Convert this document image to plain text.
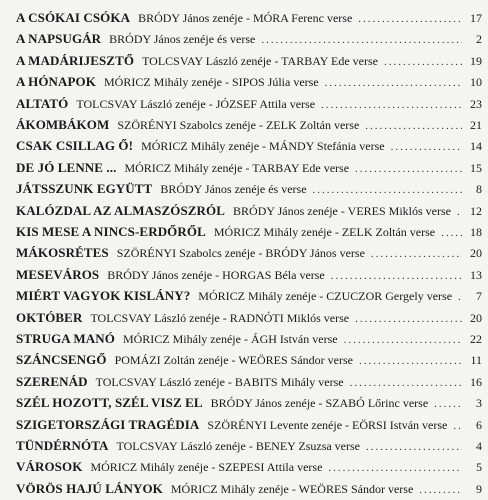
A CSÓKAI CSÓKA BRÓDY János zenéje - MÓRA Ferenc verse .....	17
A NAPSUGÁR BRÓDY János zenéje és verse .....	2
A MADÁRIJESZTŐ TOLCSVAY László zenéje - TARBAY Ede verse .....	19
A HÓNAPOK MÓRICZ Mihály zenéje - SIPOS Júlia verse .....	10
ALTATÓ TOLCSVAY László zenéje - JÓZSEF Attila verse .....	23
ÁKOMBÁKOM SZÖRÉNYI Szabolcs zenéje - ZELK Zoltán verse .....	21
CSAK CSILLAG Ő! MÓRICZ Mihály zenéje - MÁNDY Stefánia verse .....	14
DE JÓ LENNE ... MÓRICZ Mihály zenéje - TARBAY Ede verse .....	15
JÁTSSZUNK EGYÜTT BRÓDY János zenéje és verse .....	8
KALÓZDAL AZ ALMASZÓSZRÓL BRÓDY János zenéje - VERES Miklós verse ..... 12
KIS MESE A NINCS-ERDŐRŐL MÓRICZ Mihály zenéje - ZELK Zoltán verse .....	18
MÁKOSRÉTES SZÖRÉNYI Szabolcs zenéje - BRÓDY János verse .....	20
MESEVÁROS BRÓDY János zenéje - HORGAS Béla verse .....	13
MIÉRT VAGYOK KISLÁNY? MÓRICZ Mihály zenéje - CZUCZOR Gergely verse .....	7
OKTÓBER TOLCSVAY László zenéje - RADNÓTI Miklós verse .....	20
STRUGA MANÓ MÓRICZ Mihály zenéje - ÁGH István verse .....	22
SZÁNCSENGŐ POMÁZI Zoltán zenéje - WEÖRES Sándor verse .....	11
SZERENÁD TOLCSVAY László zenéje - BABITS Mihály verse .....	16
SZÉL HOZOTT, SZÉL VISZ EL BRÓDY János zenéje - SZABÓ Lőrinc verse .....	3
SZIGETORSZÁGI TRAGÉDIA SZÖRÉNYI Levente zenéje - EÖRSI István verse .....	6
TÜNDÉRNÓTA TOLCSVAY László zenéje - BENEY Zsuzsa verse .....	4
VÁROSOK MÓRICZ Mihály zenéje - SZEPESI Attila verse .....	5
VÖRÖS HAJÚ LÁNYOK MÓRICZ Mihály zenéje - WEÖRES Sándor verse .....	9
